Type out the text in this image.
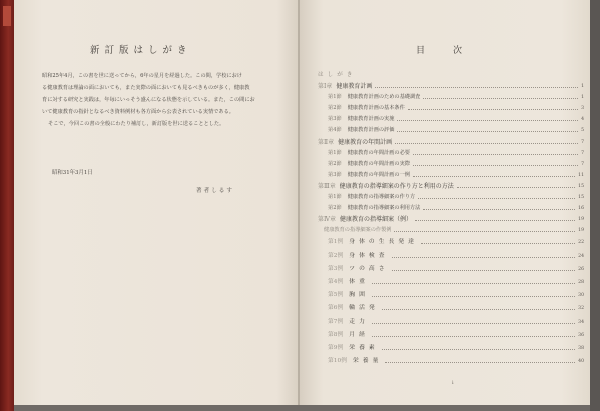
新訂版はしがき

昭和25年4月，この書を世に送ってから，6年の星月を経過した。この間，学校におけ

る健康教育は理論の面においても，また実際の面においても見るべきものが多く，健康教

育に対する研究と実践は，年毎にいっそう盛んになる状態を示している。また，この間にお

いて健康教育の指針となるべき資料例材も各方面から公表されている実情である。

そこで，今回この書の全般にわたり補訂し，新訂版を世に送ることとした。

昭和31年3月1日
著者しるす
目次
はしがき
第Ⅰ章 健康教育計画	1
第1節 健康教育計画のための基礎調査	1
第2節 健康教育計画の基本条件	3
第3節 健康教育計画の実施	4
第4節 健康教育計画の評価	5
第Ⅱ章 健康教育の年間計画	7
第1節 健康教育の年間計画の必要	7
第2節 健康教育の年間計画の実際	7
第3節 健康教育の年間計画の一例	11
第Ⅲ章 健康教育の指導細案の作り方と利用の方法	15
第1節 健康教育の指導細案の作り方	15
第2節 健康教育の指導細案の利用方法	16
第Ⅳ章 健康教育の指導細案（例）	19
健康教育の指導細案の作製例	19
第1例 身体の生長発達	22
第2例 身体検査	24
第3例 ツの高さ	26
第4例 体重	28
第5例 胸囲	30
第6例 輪活発	32
第7例 走力	34
第8例 月経	36
第9例 栄養素	38
第10例 栄養量	40
i
